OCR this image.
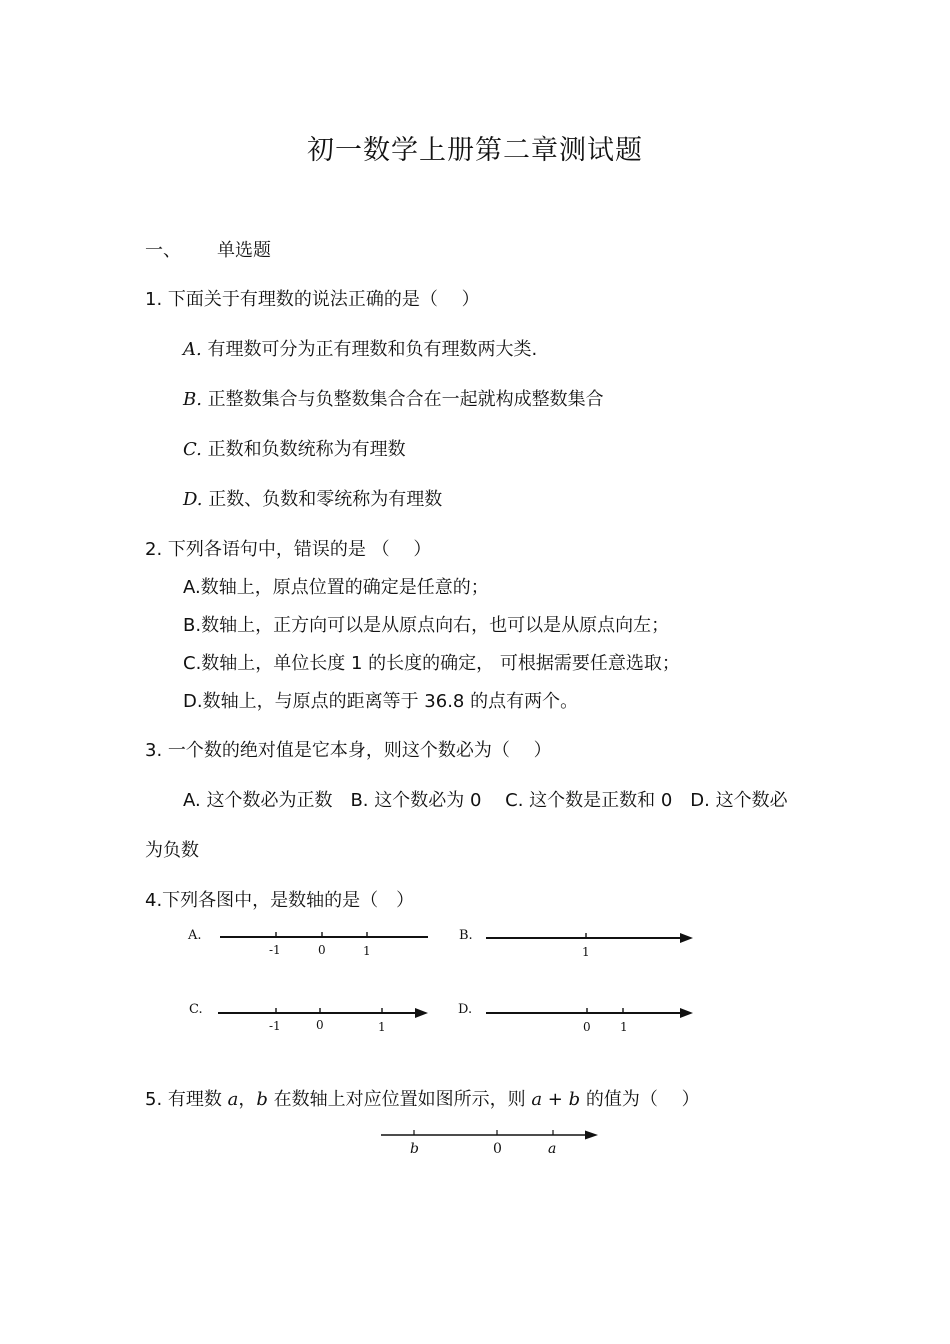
初一数学上册第二章测试题
一、 单选题
1. 下面关于有理数的说法正确的是（　 ）
A. 有理数可分为正有理数和负有理数两大类.
B. 正整数集合与负整数集合合在一起就构成整数集合
C. 正数和负数统称为有理数
D. 正数、负数和零统称为有理数
2. 下列各语句中，错误的是 （　 ）
A.数轴上，原点位置的确定是任意的；
B.数轴上，正方向可以是从原点向右，也可以是从原点向左；
C.数轴上，单位长度 1 的长度的确定， 可根据需要任意选取；
D.数轴上，与原点的距离等于 36.8 的点有两个。
3. 一个数的绝对值是它本身，则这个数必为（　 ）
A. 这个数必为正数　B. 这个数必为 0　 C. 这个数是正数和 0　D. 这个数必
为负数
4.下列各图中，是数轴的是（　）
A.
-1	0	1
B.
1
C.
-1	0	1
D.
0 1
5. 有理数 a，b 在数轴上对应位置如图所示，则 a + b 的值为（　 ）
b	0	a
